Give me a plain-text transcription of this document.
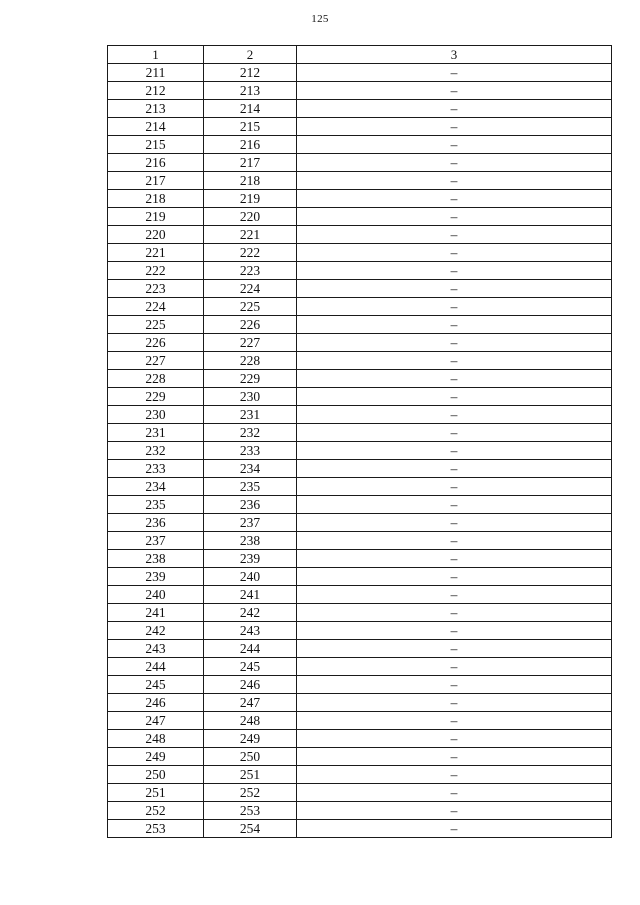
125
1	2	3
211	212	–
212	213	–
213	214	–
214	215	–
215	216	–
216	217	–
217	218	–
218	219	–
219	220	–
220	221	–
221	222	–
222	223	–
223	224	–
224	225	–
225	226	–
226	227	–
227	228	–
228	229	–
229	230	–
230	231	–
231	232	–
232	233	–
233	234	–
234	235	–
235	236	–
236	237	–
237	238	–
238	239	–
239	240	–
240	241	–
241	242	–
242	243	–
243	244	–
244	245	–
245	246	–
246	247	–
247	248	–
248	249	–
249	250	–
250	251	–
251	252	–
252	253	–
253	254	–
